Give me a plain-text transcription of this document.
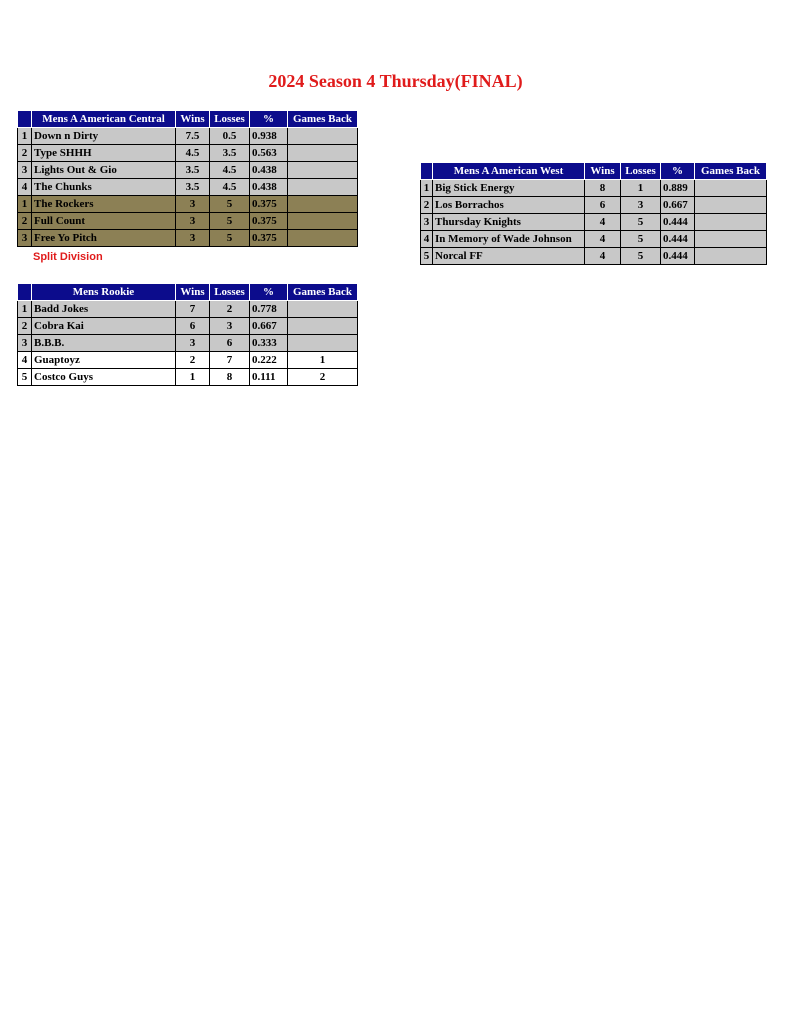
2024 Season 4 Thursday(FINAL)
	Mens A American Central	Wins	Losses	%	Games Back
1	Down n Dirty	7.5	0.5	0.938	
2	Type SHHH	4.5	3.5	0.563	
3	Lights Out & Gio	3.5	4.5	0.438	
4	The Chunks	3.5	4.5	0.438	
1	The Rockers	3	5	0.375	
2	Full Count	3	5	0.375	
3	Free Yo Pitch	3	5	0.375	
Split Division
	Mens A American West	Wins	Losses	%	Games Back
1	Big Stick Energy	8	1	0.889	
2	Los Borrachos	6	3	0.667	
3	Thursday Knights	4	5	0.444	
4	In Memory of Wade Johnson	4	5	0.444	
5	Norcal FF	4	5	0.444	
	Mens Rookie	Wins	Losses	%	Games Back
1	Badd Jokes	7	2	0.778	
2	Cobra Kai	6	3	0.667	
3	B.B.B.	3	6	0.333	
4	Guaptoyz	2	7	0.222	1
5	Costco Guys	1	8	0.111	2
